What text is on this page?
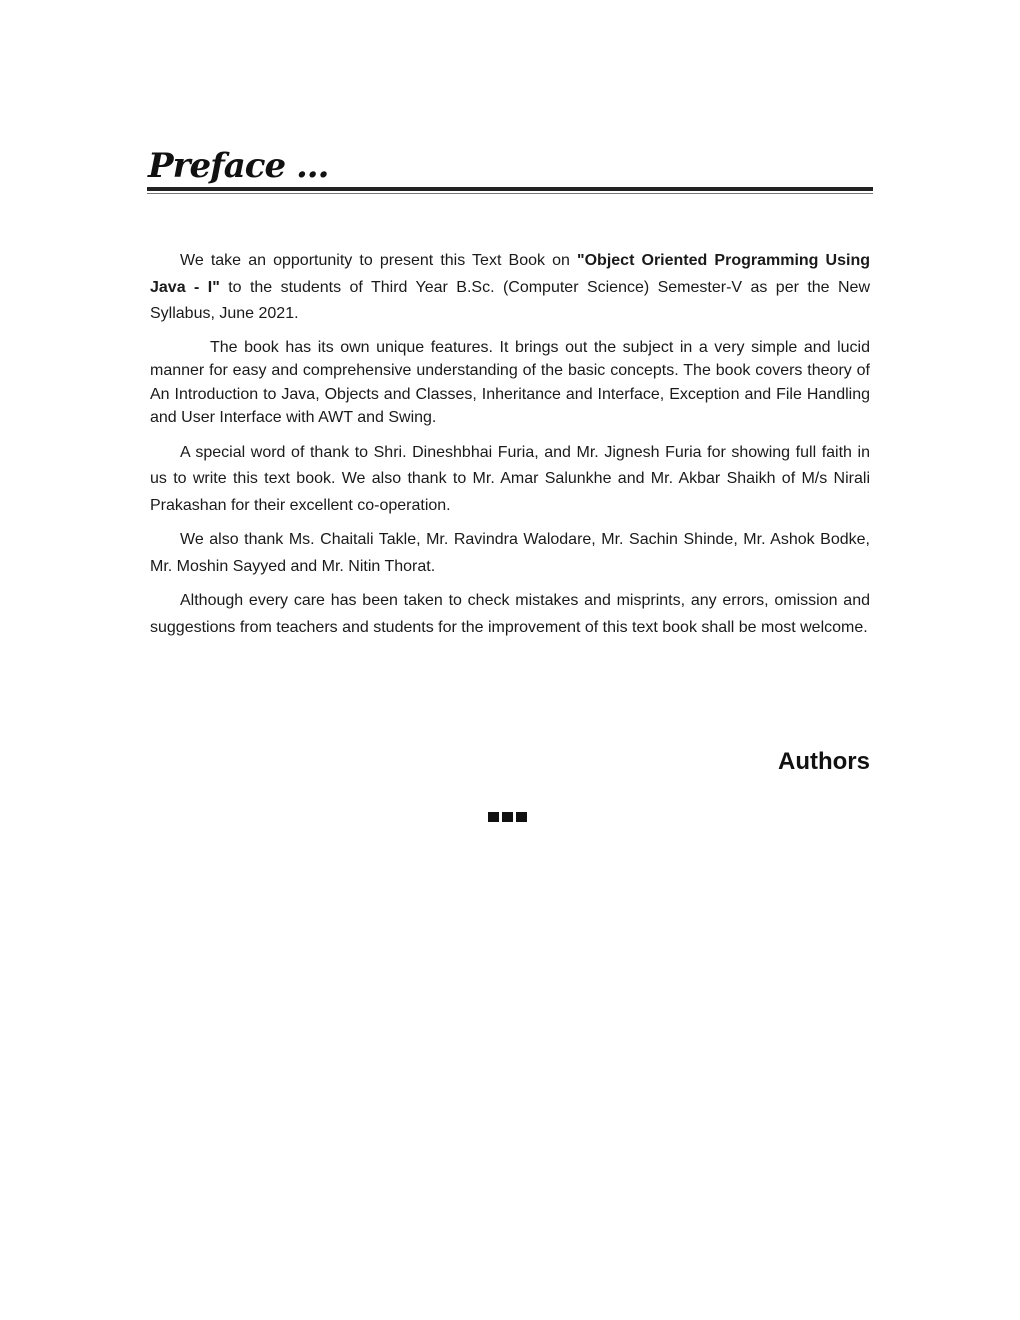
Preface ...

We take an opportunity to present this Text Book on "Object Oriented Programming Using Java - I" to the students of Third Year B.Sc. (Computer Science) Semester-V as per the New Syllabus, June 2021.

The book has its own unique features. It brings out the subject in a very simple and lucid manner for easy and comprehensive understanding of the basic concepts. The book covers theory of An Introduction to Java, Objects and Classes, Inheritance and Interface, Exception and File Handling and User Interface with AWT and Swing.

A special word of thank to Shri. Dineshbhai Furia, and Mr. Jignesh Furia for showing full faith in us to write this text book. We also thank to Mr. Amar Salunkhe and Mr. Akbar Shaikh of M/s Nirali Prakashan for their excellent co-operation.

We also thank Ms. Chaitali Takle, Mr. Ravindra Walodare, Mr. Sachin Shinde, Mr. Ashok Bodke, Mr. Moshin Sayyed and Mr. Nitin Thorat.

Although every care has been taken to check mistakes and misprints, any errors, omission and suggestions from teachers and students for the improvement of this text book shall be most welcome.

Authors
